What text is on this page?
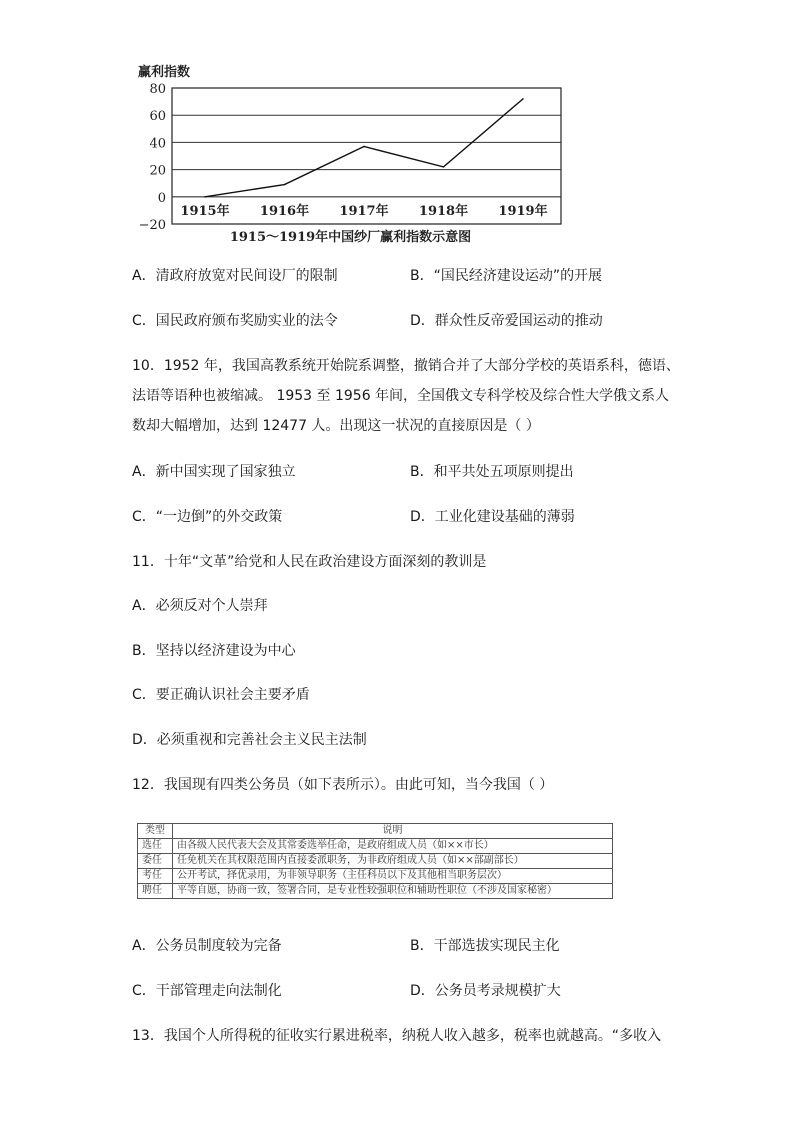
赢利指数
80
60
40
20
0
−20
1915年 1916年 1917年 1918年 1919年
1915～1919年中国纱厂赢利指数示意图
A．清政府放宽对民间设厂的限制	B．“国民经济建设运动”的开展
C．国民政府颁布奖励实业的法令	D．群众性反帝爱国运动的推动
10．1952 年，我国高教系统开始院系调整，撤销合并了大部分学校的英语系科，德语、
法语等语种也被缩减。 1953 至 1956 年间，全国俄文专科学校及综合性大学俄文系人
数却大幅增加，达到 12477 人。出现这一状况的直接原因是（ ）
A．新中国实现了国家独立	B．和平共处五项原则提出
C．“一边倒”的外交政策	D．工业化建设基础的薄弱
11．十年“文革”给党和人民在政治建设方面深刻的教训是
A．必须反对个人崇拜
B．坚持以经济建设为中心
C．要正确认识社会主要矛盾
D．必须重视和完善社会主义民主法制
12．我国现有四类公务员（如下表所示）。由此可知，当今我国（ ）
类型	说明
选任	由各级人民代表大会及其常委选举任命，是政府组成人员（如××市长）
委任	任免机关在其权限范围内直接委派职务，为非政府组成人员（如××部副部长）
考任	公开考试，择优录用，为非领导职务（主任科员以下及其他相当职务层次）
聘任	平等自愿，协商一致，签署合同，是专业性较强职位和辅助性职位（不涉及国家秘密）
A．公务员制度较为完备	B．干部选拔实现民主化
C．干部管理走向法制化	D．公务员考录规模扩大
13．我国个人所得税的征收实行累进税率，纳税人收入越多，税率也就越高。“多收入
